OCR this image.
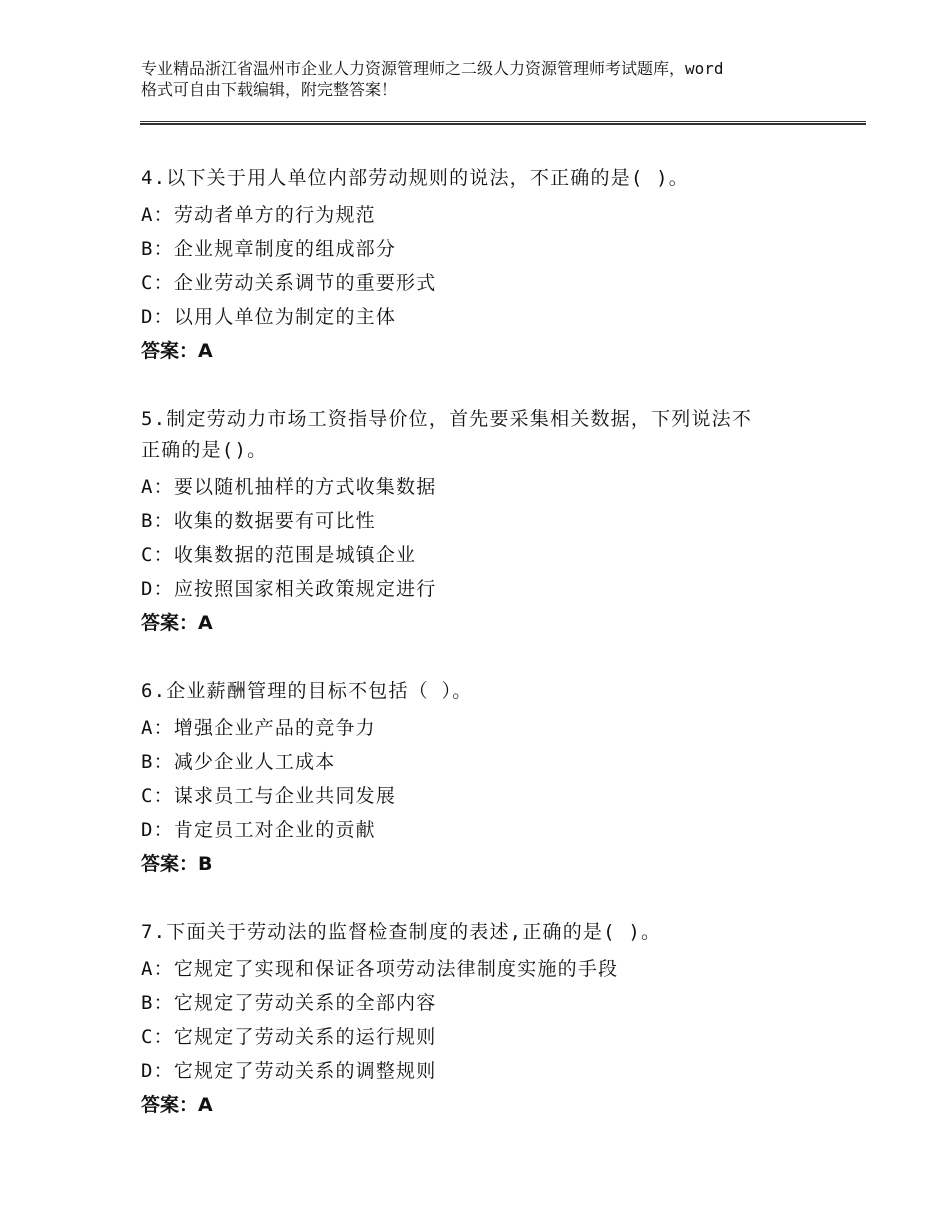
专业精品浙江省温州市企业人力资源管理师之二级人力资源管理师考试题库，word
格式可自由下载编辑，附完整答案！
4.以下关于用人单位内部劳动规则的说法，不正确的是( )。
A：劳动者单方的行为规范
B：企业规章制度的组成部分
C：企业劳动关系调节的重要形式
D：以用人单位为制定的主体
答案：A
5.制定劳动力市场工资指导价位，首先要采集相关数据，下列说法不
正确的是()。
A：要以随机抽样的方式收集数据
B：收集的数据要有可比性
C：收集数据的范围是城镇企业
D：应按照国家相关政策规定进行
答案：A
6.企业薪酬管理的目标不包括（ ）。
A：增强企业产品的竞争力
B：减少企业人工成本
C：谋求员工与企业共同发展
D：肯定员工对企业的贡献
答案：B
7.下面关于劳动法的监督检查制度的表述,正确的是( )。
A：它规定了实现和保证各项劳动法律制度实施的手段
B：它规定了劳动关系的全部内容
C：它规定了劳动关系的运行规则
D：它规定了劳动关系的调整规则
答案：A
